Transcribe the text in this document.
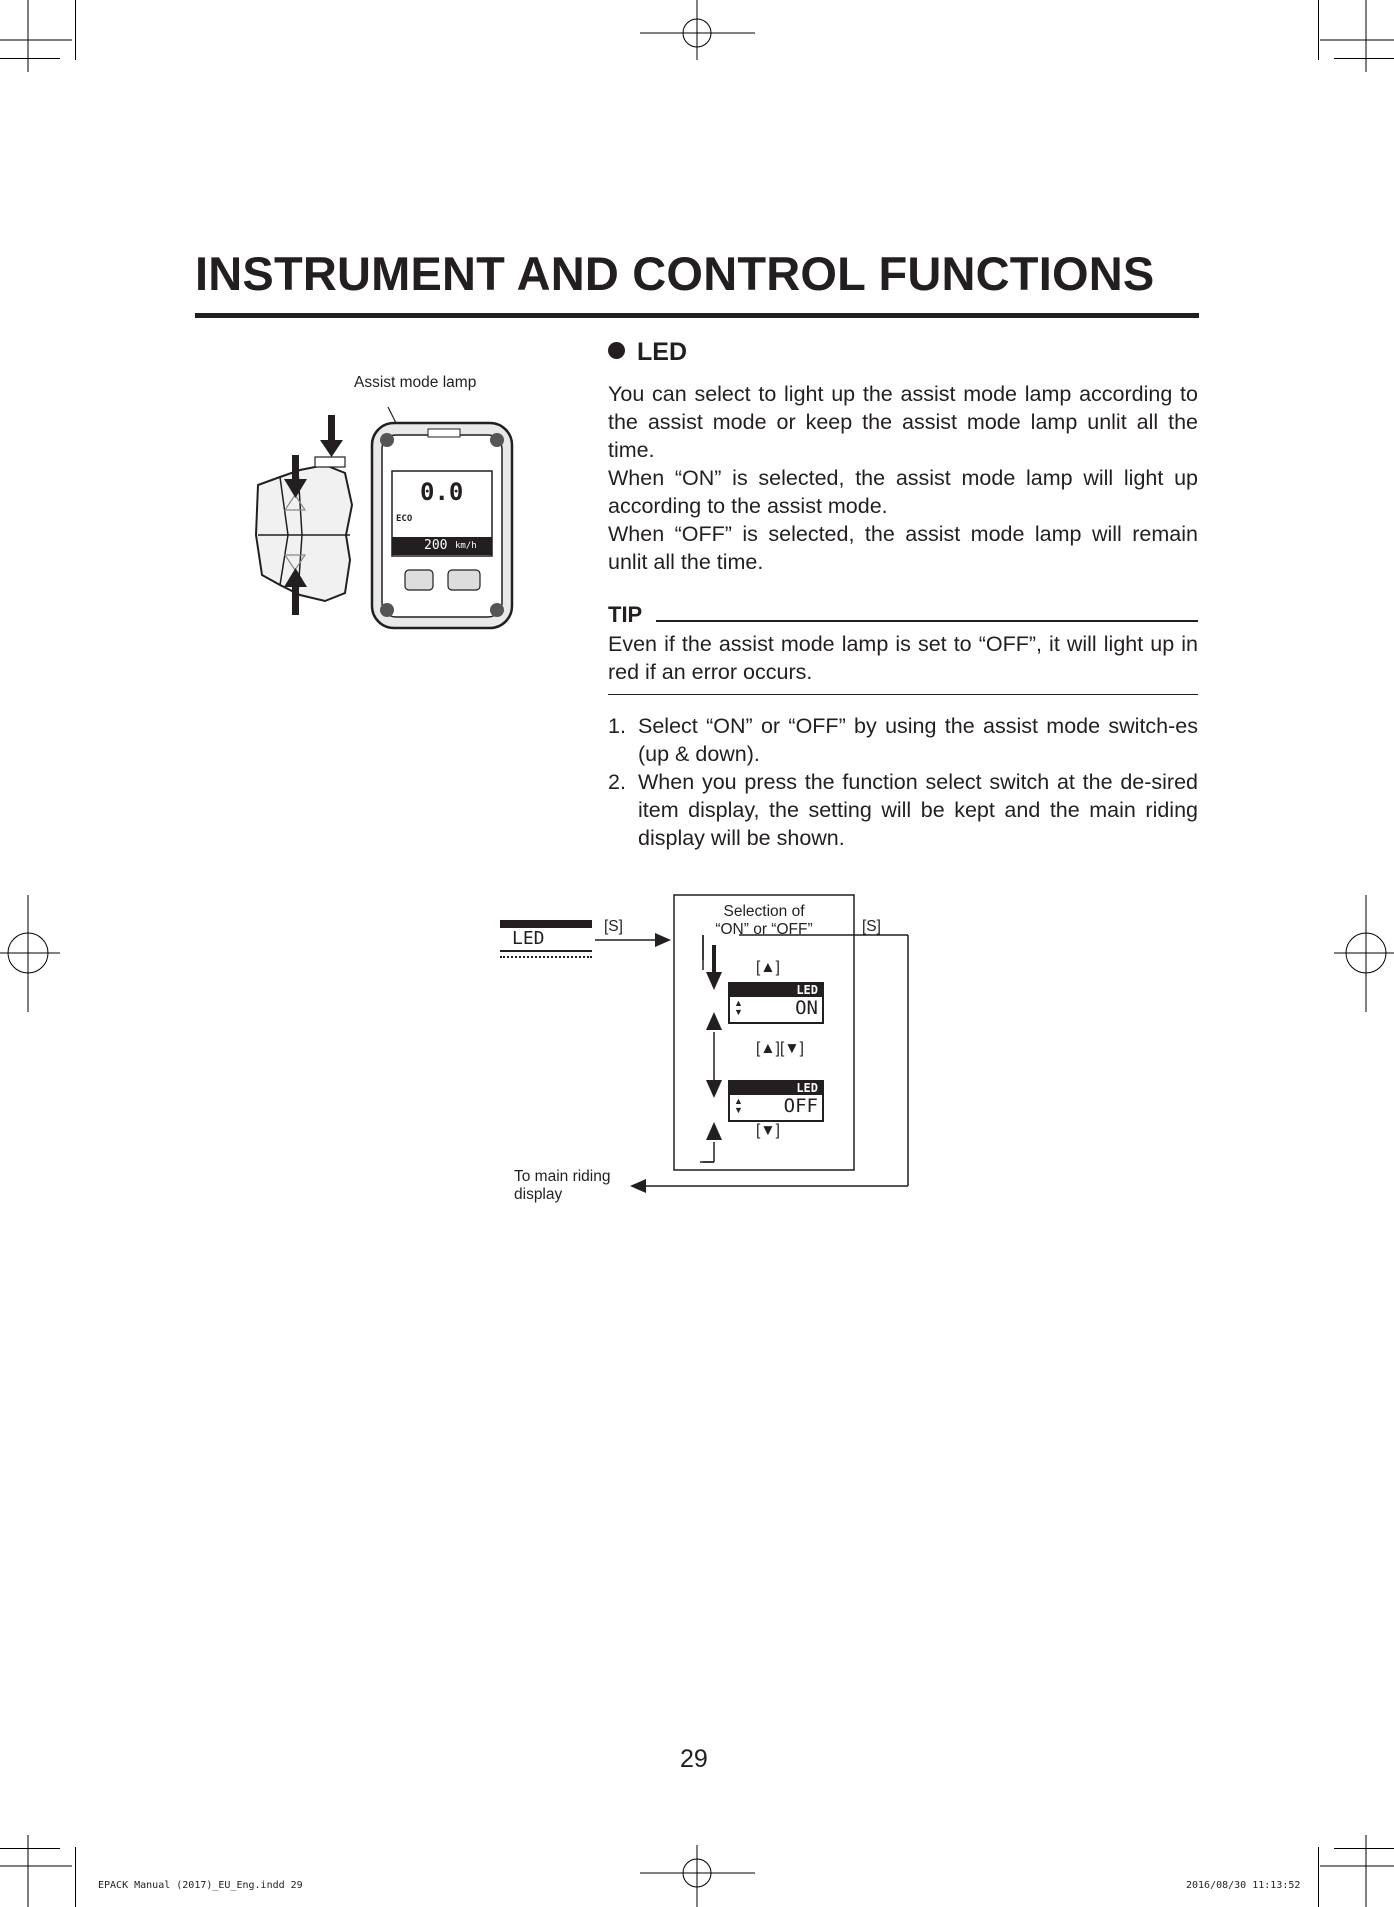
INSTRUMENT AND CONTROL FUNCTIONS
Assist mode lamp
0.0
ECO
200 km/h
LED
You can select to light up the assist mode lamp according to the assist mode or keep the assist mode lamp unlit all the time.
When “ON” is selected, the assist mode lamp will light up according to the assist mode.
When “OFF” is selected, the assist mode lamp will remain unlit all the time.
TIP
Even if the assist mode lamp is set to “OFF”, it will light up in red if an error occurs.
1. Select “ON” or “OFF” by using the assist mode switch-es (up & down).
2. When you press the function select switch at the de-sired item display, the setting will be kept and the main riding display will be shown.
LED
[S]	[S]
Selection of
“ON” or “OFF”
[▲]
[▲][▼]
[▼]
LED
▲
▼	ON
LED
▲
▼	OFF
To main riding
display
29
EPACK Manual (2017)_EU_Eng.indd 29	2016/08/30 11:13:52
